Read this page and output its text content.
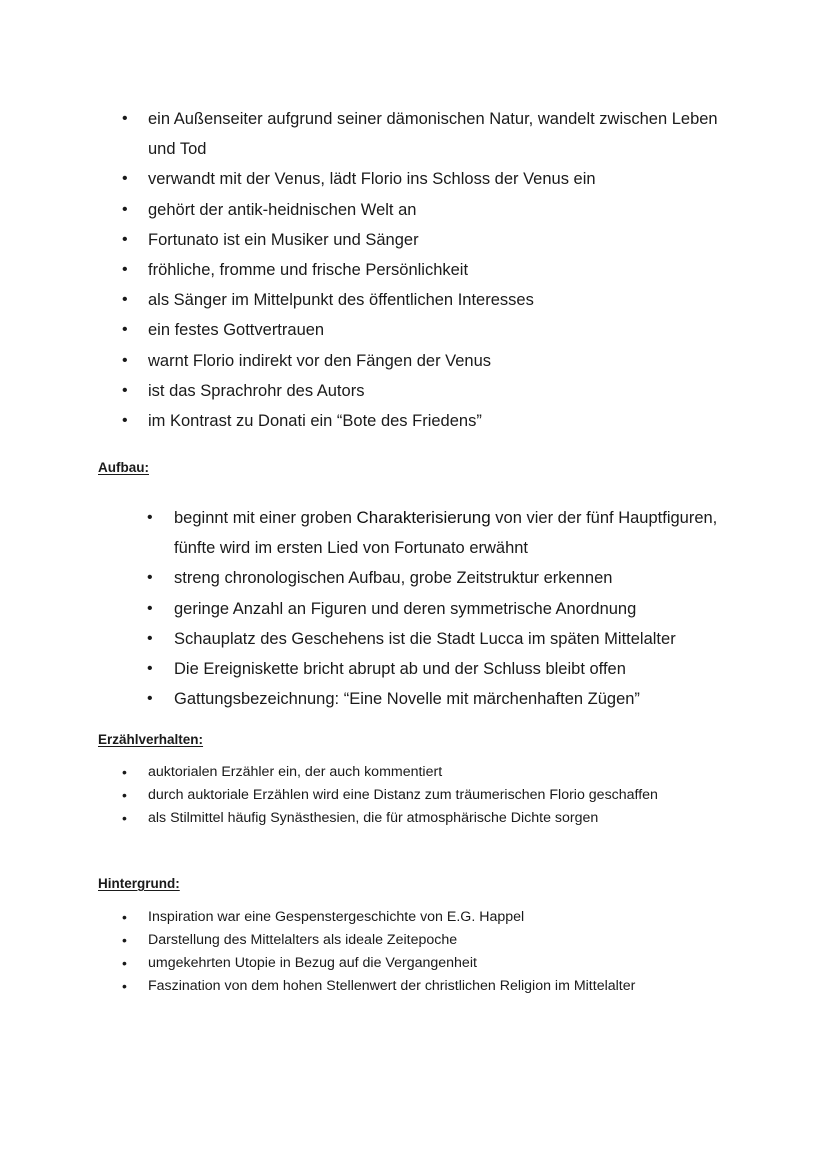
• ein Außenseiter aufgrund seiner dämonischen Natur, wandelt zwischen Leben und Tod
• verwandt mit der Venus, lädt Florio ins Schloss der Venus ein
• gehört der antik-heidnischen Welt an
• Fortunato ist ein Musiker und Sänger
• fröhliche, fromme und frische Persönlichkeit
• als Sänger im Mittelpunkt des öffentlichen Interesses
• ein festes Gottvertrauen
• warnt Florio indirekt vor den Fängen der Venus
• ist das Sprachrohr des Autors
• im Kontrast zu Donati ein “Bote des Friedens”
Aufbau:
• beginnt mit einer groben Charakterisierung von vier der fünf Hauptfiguren, fünfte wird im ersten Lied von Fortunato erwähnt
• streng chronologischen Aufbau, grobe Zeitstruktur erkennen
• geringe Anzahl an Figuren und deren symmetrische Anordnung
• Schauplatz des Geschehens ist die Stadt Lucca im späten Mittelalter
• Die Ereigniskette bricht abrupt ab und der Schluss bleibt offen
• Gattungsbezeichnung: “Eine Novelle mit märchenhaften Zügen”
Erzählverhalten:
• auktorialen Erzähler ein, der auch kommentiert
• durch auktoriale Erzählen wird eine Distanz zum träumerischen Florio geschaffen
• als Stilmittel häufig Synästhesien, die für atmosphärische Dichte sorgen
Hintergrund:
• Inspiration war eine Gespenstergeschichte von E.G. Happel
• Darstellung des Mittelalters als ideale Zeitepoche
• umgekehrten Utopie in Bezug auf die Vergangenheit
• Faszination von dem hohen Stellenwert der christlichen Religion im Mittelalter
